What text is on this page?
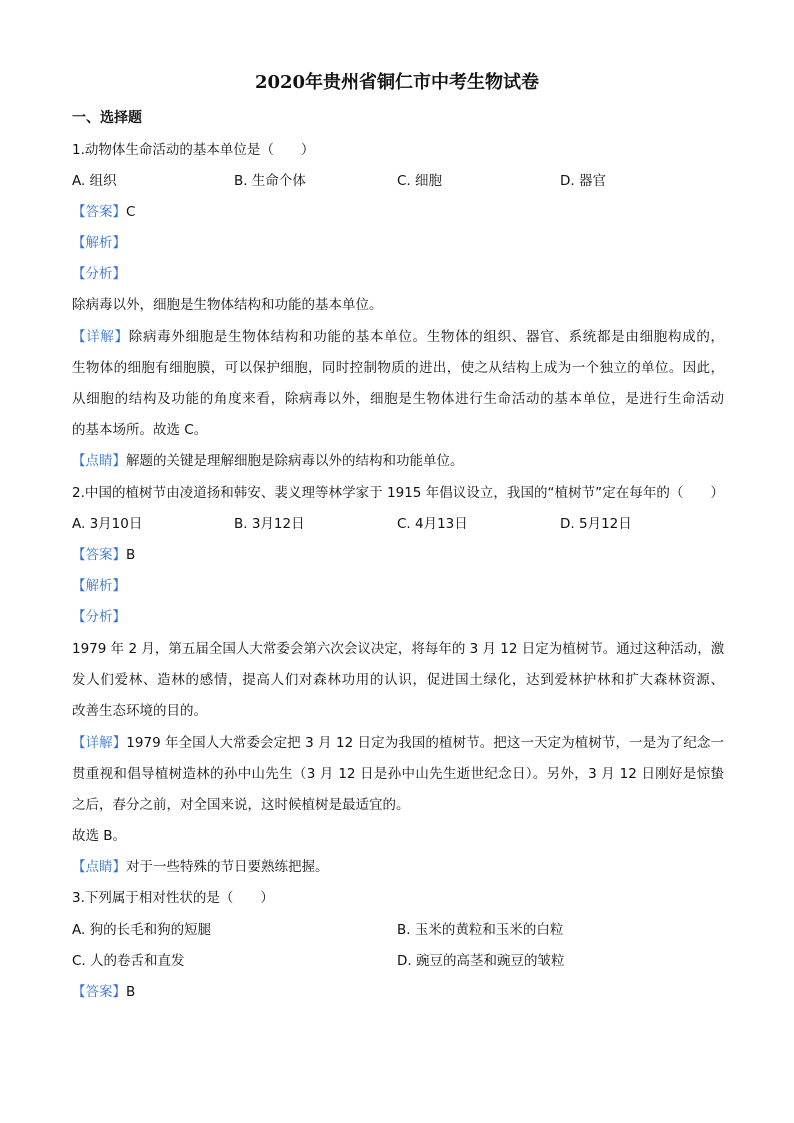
2020年贵州省铜仁市中考生物试卷
一、选择题
1.动物体生命活动的基本单位是（　　）
A. 组织	B. 生命个体	C. 细胞	D. 器官
【答案】C
【解析】
【分析】
除病毒以外，细胞是生物体结构和功能的基本单位。
【详解】除病毒外细胞是生物体结构和功能的基本单位。生物体的组织、器官、系统都是由细胞构成的，
生物体的细胞有细胞膜，可以保护细胞，同时控制物质的进出，使之从结构上成为一个独立的单位。因此，
从细胞的结构及功能的角度来看，除病毒以外，细胞是生物体进行生命活动的基本单位，是进行生命活动
的基本场所。故选 C。
【点睛】解题的关键是理解细胞是除病毒以外的结构和功能单位。
2.中国的植树节由凌道扬和韩安、裴义理等林学家于 1915 年倡议设立，我国的“植树节”定在每年的（　　）
A. 3月10日	B. 3月12日	C. 4月13日	D. 5月12日
【答案】B
【解析】
【分析】
1979 年 2 月，第五届全国人大常委会第六次会议决定，将每年的 3 月 12 日定为植树节。通过这种活动，激
发人们爱林、造林的感情，提高人们对森林功用的认识，促进国土绿化，达到爱林护林和扩大森林资源、
改善生态环境的目的。
【详解】1979 年全国人大常委会定把 3 月 12 日定为我国的植树节。把这一天定为植树节，一是为了纪念一
贯重视和倡导植树造林的孙中山先生（3 月 12 日是孙中山先生逝世纪念日）。另外，3 月 12 日刚好是惊蛰
之后，春分之前，对全国来说，这时候植树是最适宜的。
故选 B。
【点睛】对于一些特殊的节日要熟练把握。
3.下列属于相对性状的是（　　）
A. 狗的长毛和狗的短腿	B. 玉米的黄粒和玉米的白粒
C. 人的卷舌和直发	D. 豌豆的高茎和豌豆的皱粒
【答案】B
